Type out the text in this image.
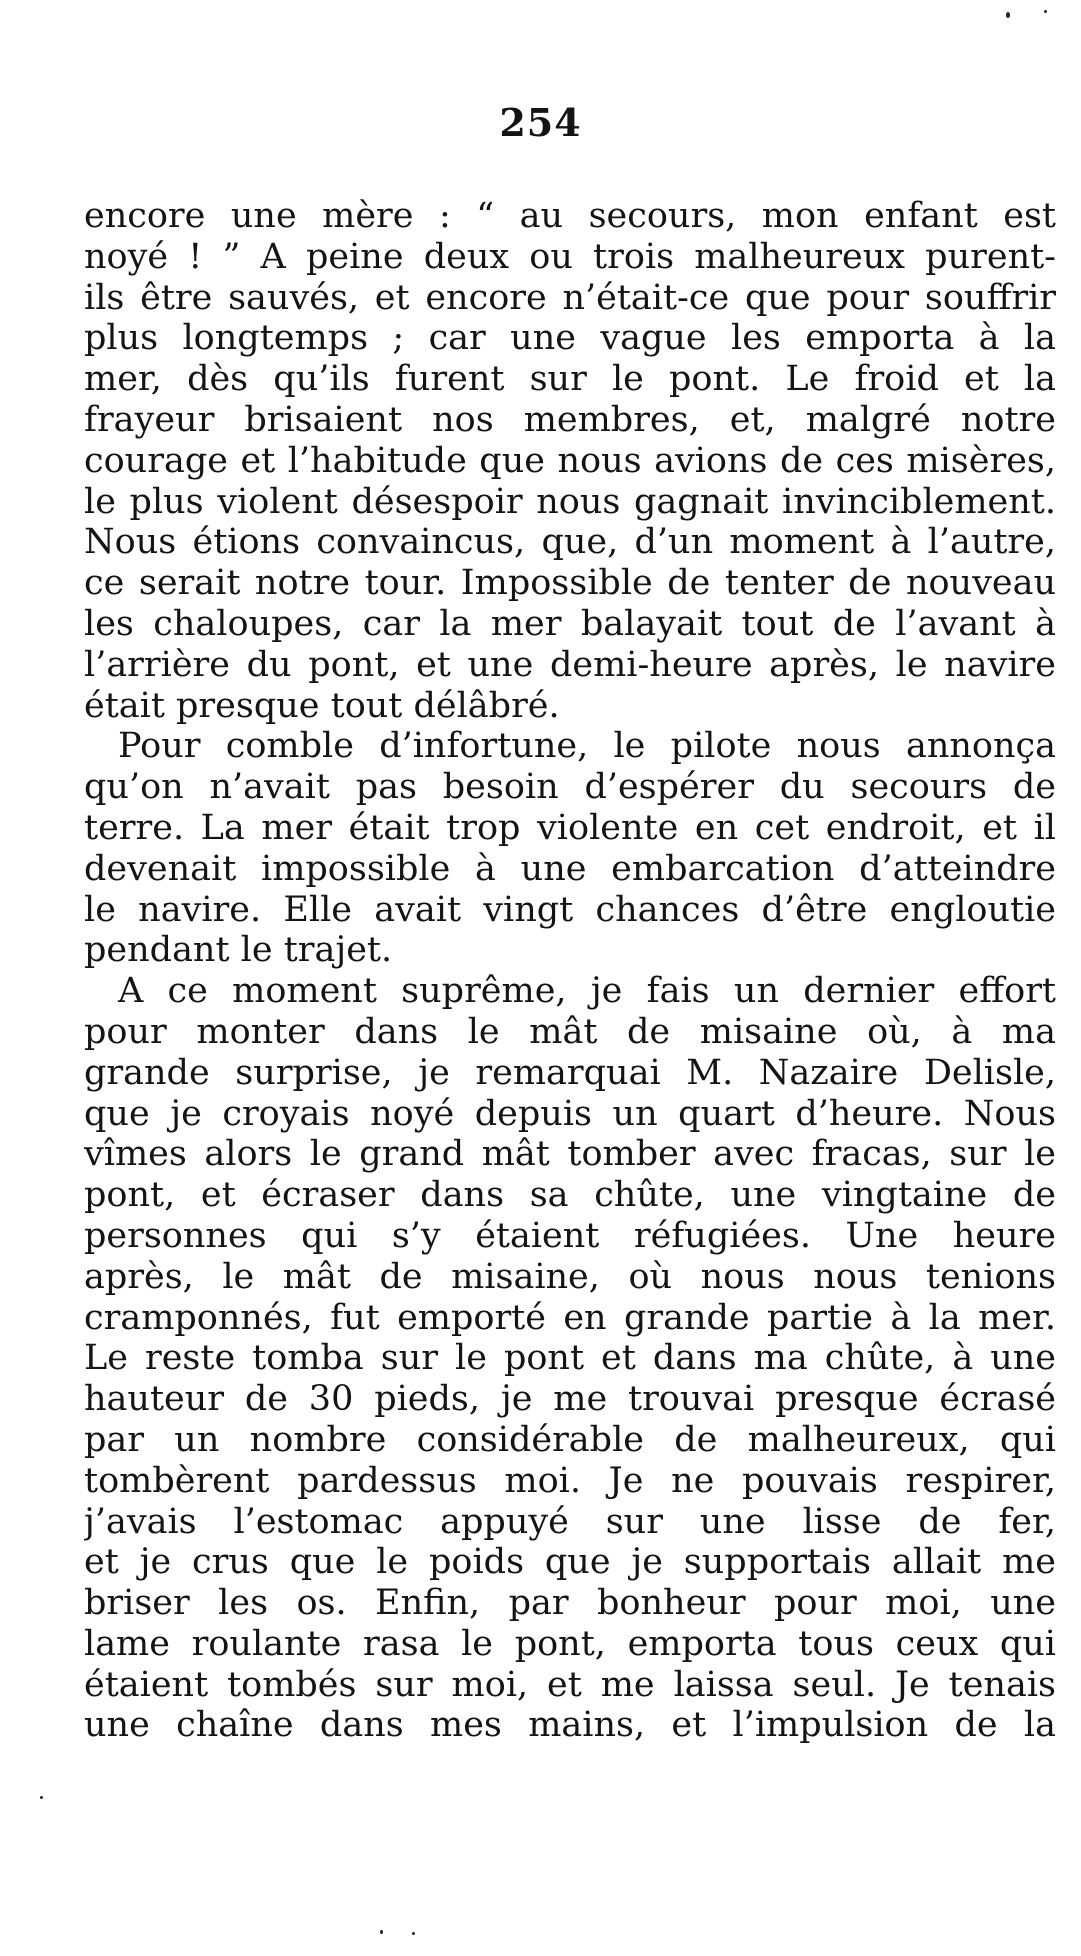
254
encore une mère : “ au secours, mon enfant est
noyé ! ” A peine deux ou trois malheureux purent-
ils être sauvés, et encore n’était-ce que pour souffrir
plus longtemps ; car une vague les emporta à la
mer, dès qu’ils furent sur le pont. Le froid et la
frayeur brisaient nos membres, et, malgré notre
courage et l’habitude que nous avions de ces misères,
le plus violent désespoir nous gagnait invinciblement.
Nous étions convaincus, que, d’un moment à l’autre,
ce serait notre tour. Impossible de tenter de nouveau
les chaloupes, car la mer balayait tout de l’avant à
l’arrière du pont, et une demi-heure après, le navire
était presque tout délâbré.
Pour comble d’infortune, le pilote nous annonça
qu’on n’avait pas besoin d’espérer du secours de
terre. La mer était trop violente en cet endroit, et il
devenait impossible à une embarcation d’atteindre
le navire. Elle avait vingt chances d’être engloutie
pendant le trajet.
A ce moment suprême, je fais un dernier effort
pour monter dans le mât de misaine où, à ma
grande surprise, je remarquai M. Nazaire Delisle,
que je croyais noyé depuis un quart d’heure. Nous
vîmes alors le grand mât tomber avec fracas, sur le
pont, et écraser dans sa chûte, une vingtaine de
personnes qui s’y étaient réfugiées. Une heure
après, le mât de misaine, où nous nous tenions
cramponnés, fut emporté en grande partie à la mer.
Le reste tomba sur le pont et dans ma chûte, à une
hauteur de 30 pieds, je me trouvai presque écrasé
par un nombre considérable de malheureux, qui
tombèrent pardessus moi. Je ne pouvais respirer,
j’avais l’estomac appuyé sur une lisse de fer,
et je crus que le poids que je supportais allait me
briser les os. Enfin, par bonheur pour moi, une
lame roulante rasa le pont, emporta tous ceux qui
étaient tombés sur moi, et me laissa seul. Je tenais
une chaîne dans mes mains, et l’impulsion de la
